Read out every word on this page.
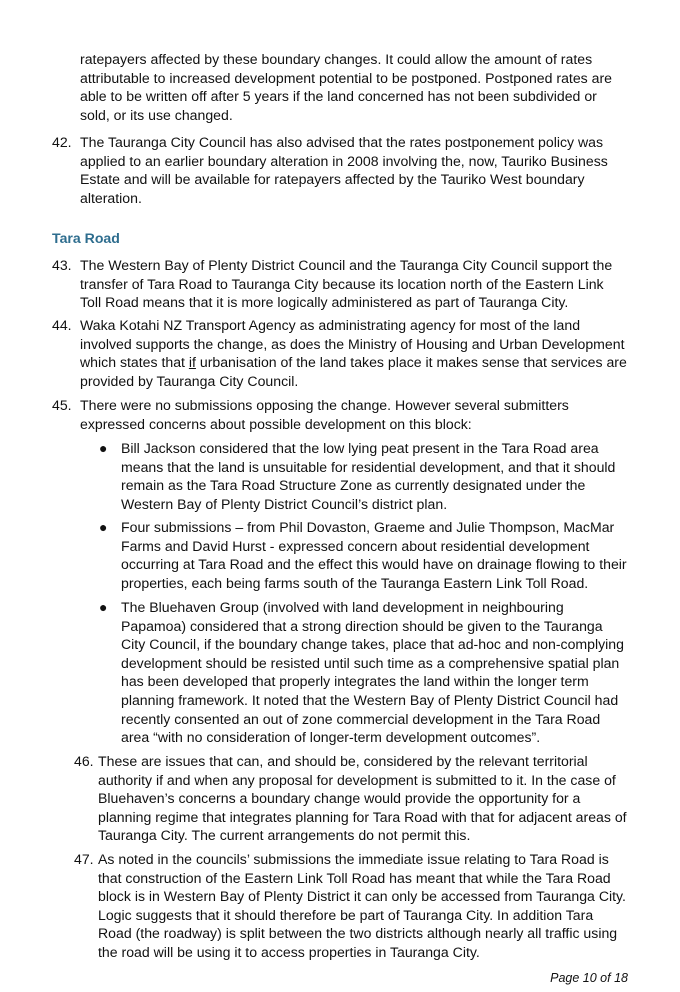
ratepayers affected by these boundary changes. It could allow the amount of rates attributable to increased development potential to be postponed. Postponed rates are able to be written off after 5 years if the land concerned has not been subdivided or sold, or its use changed.

42. The Tauranga City Council has also advised that the rates postponement policy was applied to an earlier boundary alteration in 2008 involving the, now, Tauriko Business Estate and will be available for ratepayers affected by the Tauriko West boundary alteration.

Tara Road
43. The Western Bay of Plenty District Council and the Tauranga City Council support the transfer of Tara Road to Tauranga City because its location north of the Eastern Link Toll Road means that it is more logically administered as part of Tauranga City.

44. Waka Kotahi NZ Transport Agency as administrating agency for most of the land involved supports the change, as does the Ministry of Housing and Urban Development which states that if urbanisation of the land takes place it makes sense that services are provided by Tauranga City Council.

45. There were no submissions opposing the change. However several submitters expressed concerns about possible development on this block:

● Bill Jackson considered that the low lying peat present in the Tara Road area means that the land is unsuitable for residential development, and that it should remain as the Tara Road Structure Zone as currently designated under the Western Bay of Plenty District Council’s district plan.

● Four submissions – from Phil Dovaston, Graeme and Julie Thompson, MacMar Farms and David Hurst - expressed concern about residential development occurring at Tara Road and the effect this would have on drainage flowing to their properties, each being farms south of the Tauranga Eastern Link Toll Road.

● The Bluehaven Group (involved with land development in neighbouring Papamoa) considered that a strong direction should be given to the Tauranga City Council, if the boundary change takes, place that ad-hoc and non-complying development should be resisted until such time as a comprehensive spatial plan has been developed that properly integrates the land within the longer term planning framework. It noted that the Western Bay of Plenty District Council had recently consented an out of zone commercial development in the Tara Road area “with no consideration of longer-term development outcomes”.

46. These are issues that can, and should be, considered by the relevant territorial authority if and when any proposal for development is submitted to it. In the case of Bluehaven’s concerns a boundary change would provide the opportunity for a planning regime that integrates planning for Tara Road with that for adjacent areas of Tauranga City. The current arrangements do not permit this.

47. As noted in the councils’ submissions the immediate issue relating to Tara Road is that construction of the Eastern Link Toll Road has meant that while the Tara Road block is in Western Bay of Plenty District it can only be accessed from Tauranga City. Logic suggests that it should therefore be part of Tauranga City. In addition Tara Road (the roadway) is split between the two districts although nearly all traffic using the road will be using it to access properties in Tauranga City.

Page 10 of 18
